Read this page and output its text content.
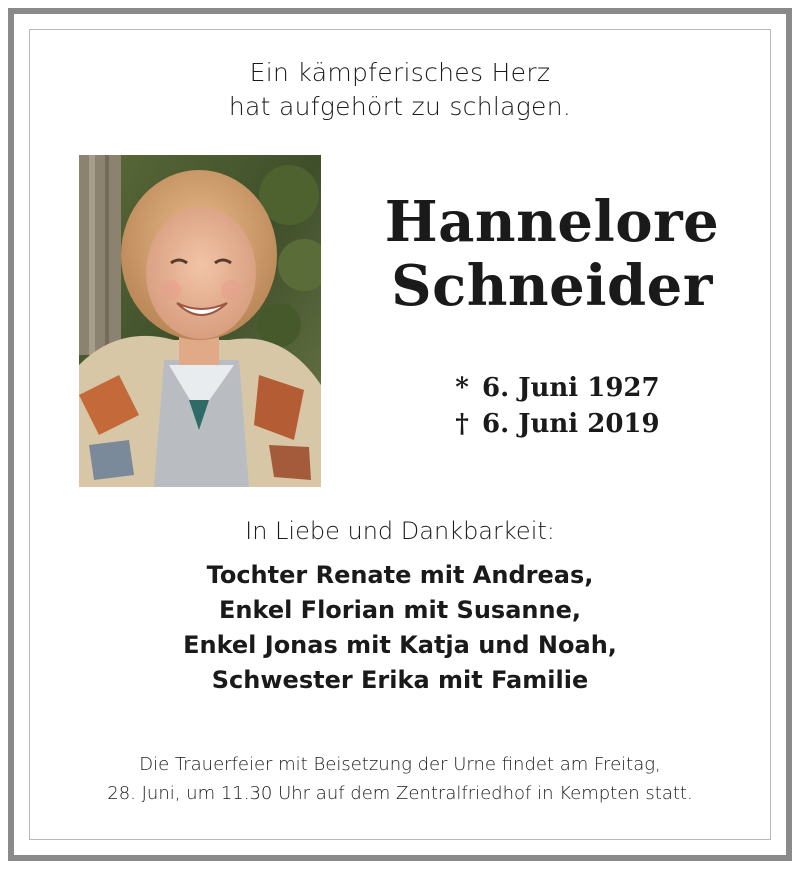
Ein kämpferisches Herz
hat aufgehört zu schlagen.
Hannelore
Schneider
* 6. Juni 1927
† 6. Juni 2019
In Liebe und Dankbarkeit:
Tochter Renate mit Andreas,
Enkel Florian mit Susanne,
Enkel Jonas mit Katja und Noah,
Schwester Erika mit Familie
Die Trauerfeier mit Beisetzung der Urne findet am Freitag,
28. Juni, um 11.30 Uhr auf dem Zentralfriedhof in Kempten statt.
